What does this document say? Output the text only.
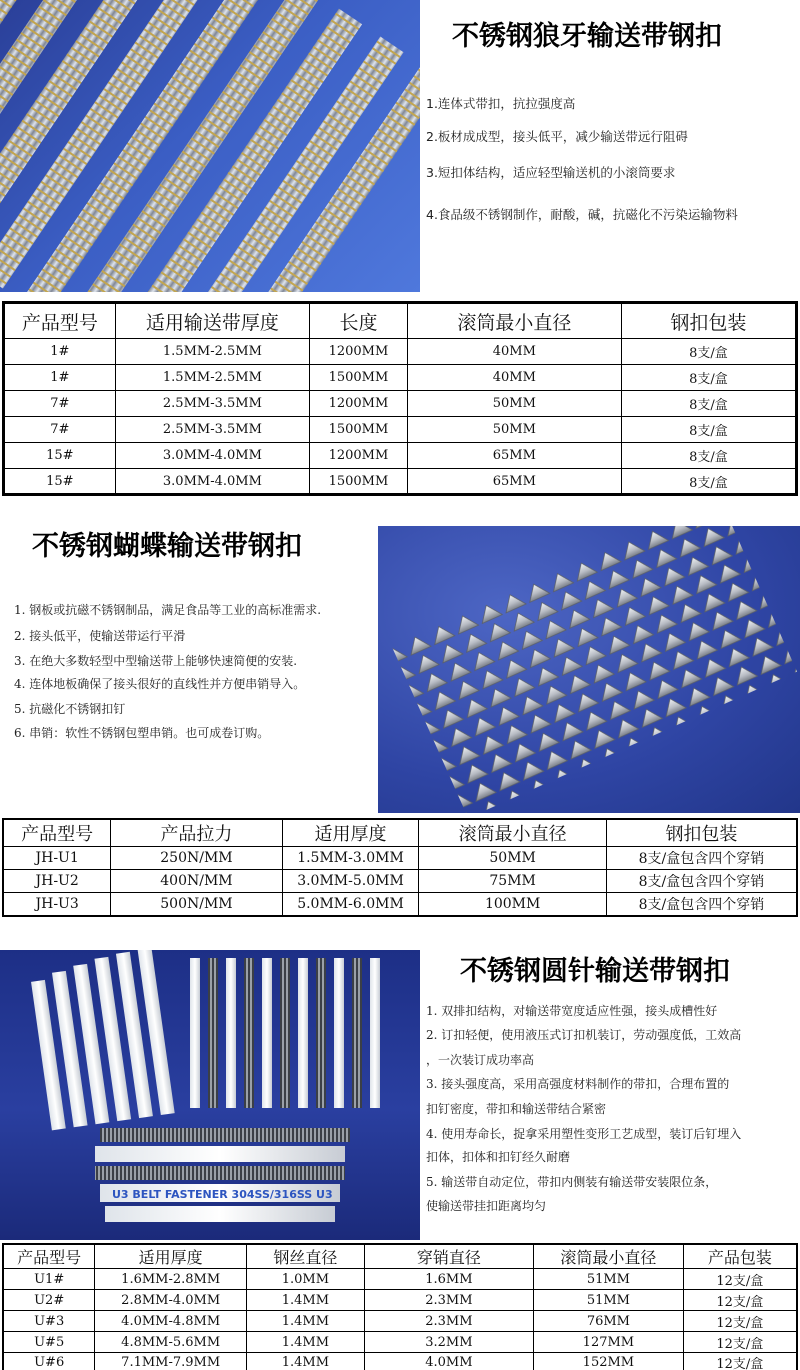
不锈钢狼牙输送带钢扣
1.连体式带扣，抗拉强度高
2.板材成成型，接头低平，减少输送带远行阻碍
3.短扣体结构，适应轻型输送机的小滚筒要求
4.食品级不锈钢制作，耐酸，碱，抗磁化不污染运输物料
产品型号	适用输送带厚度	长度	滚筒最小直径	钢扣包装
1#	1.5MM-2.5MM	1200MM	40MM	8支/盒
1#	1.5MM-2.5MM	1500MM	40MM	8支/盒
7#	2.5MM-3.5MM	1200MM	50MM	8支/盒
7#	2.5MM-3.5MM	1500MM	50MM	8支/盒
15#	3.0MM-4.0MM	1200MM	65MM	8支/盒
15#	3.0MM-4.0MM	1500MM	65MM	8支/盒
不锈钢蝴蝶输送带钢扣
1. 钢板或抗磁不锈钢制品，满足食品等工业的高标准需求.
2. 接头低平，使输送带运行平滑
3. 在绝大多数轻型中型输送带上能够快速简便的安装.
4. 连体地板确保了接头很好的直线性并方便串销导入。
5. 抗磁化不锈钢扣钉
6. 串销：软性不锈钢包塑串销。也可成卷订购。
产品型号	产品拉力	适用厚度	滚筒最小直径	钢扣包装
JH-U1	250N/MM	1.5MM-3.0MM	50MM	8支/盒包含四个穿销
JH-U2	400N/MM	3.0MM-5.0MM	75MM	8支/盒包含四个穿销
JH-U3	500N/MM	5.0MM-6.0MM	100MM	8支/盒包含四个穿销
U3 BELT FASTENER 304SS/316SS U3
不锈钢圆针输送带钢扣
1. 双排扣结构，对输送带宽度适应性强，接头成槽性好
2. 订扣轻便，使用液压式订扣机装订，劳动强度低，工效高
，一次装订成功率高
3. 接头强度高，采用高强度材料制作的带扣，合理布置的
扣钉密度，带扣和输送带结合紧密
4. 使用寿命长，捉拿采用塑性变形工艺成型，装订后钉埋入
扣体，扣体和扣钉经久耐磨
5. 输送带自动定位，带扣内侧装有输送带安装限位条，
使输送带挂扣距离均匀
产品型号	适用厚度	钢丝直径	穿销直径	滚筒最小直径	产品包装
U1#	1.6MM-2.8MM	1.0MM	1.6MM	51MM	12支/盒
U2#	2.8MM-4.0MM	1.4MM	2.3MM	51MM	12支/盒
U#3	4.0MM-4.8MM	1.4MM	2.3MM	76MM	12支/盒
U#5	4.8MM-5.6MM	1.4MM	3.2MM	127MM	12支/盒
U#6	7.1MM-7.9MM	1.4MM	4.0MM	152MM	12支/盒
